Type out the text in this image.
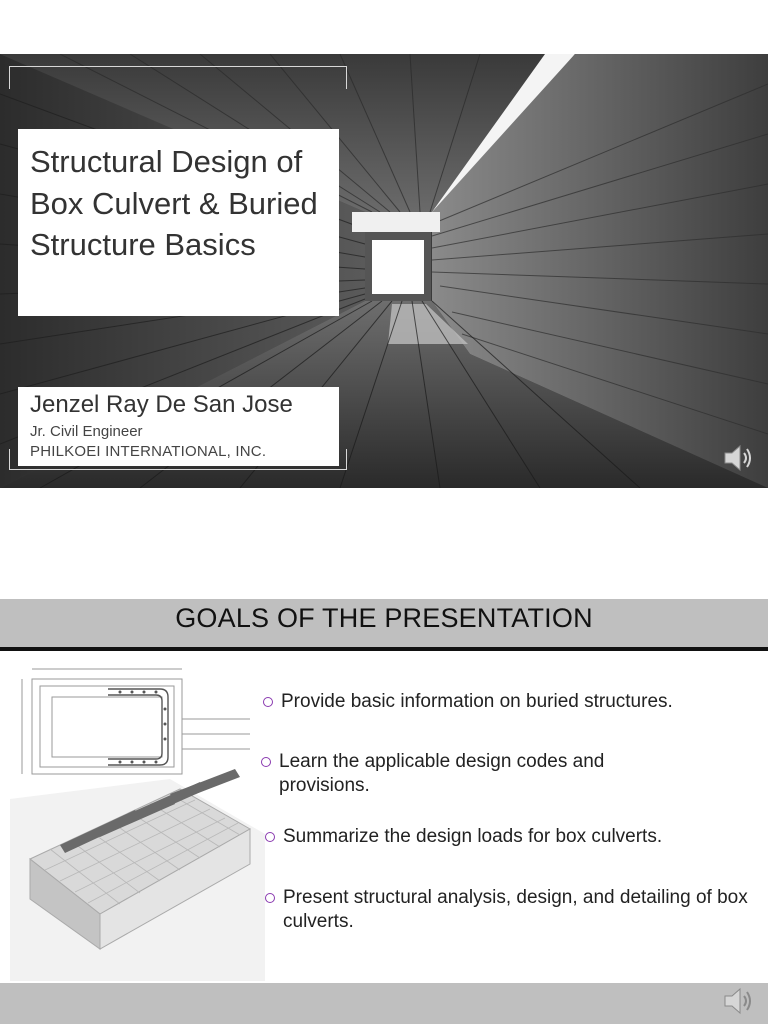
Structural Design of Box Culvert & Buried Structure Basics
Jenzel Ray De San Jose
Jr. Civil Engineer
PHILKOEI INTERNATIONAL, INC.
GOALS OF THE PRESENTATION
Provide basic information on buried structures.
Learn the applicable design codes and provisions.
Summarize the design loads for box culverts.
Present structural analysis, design, and detailing of box culverts.
